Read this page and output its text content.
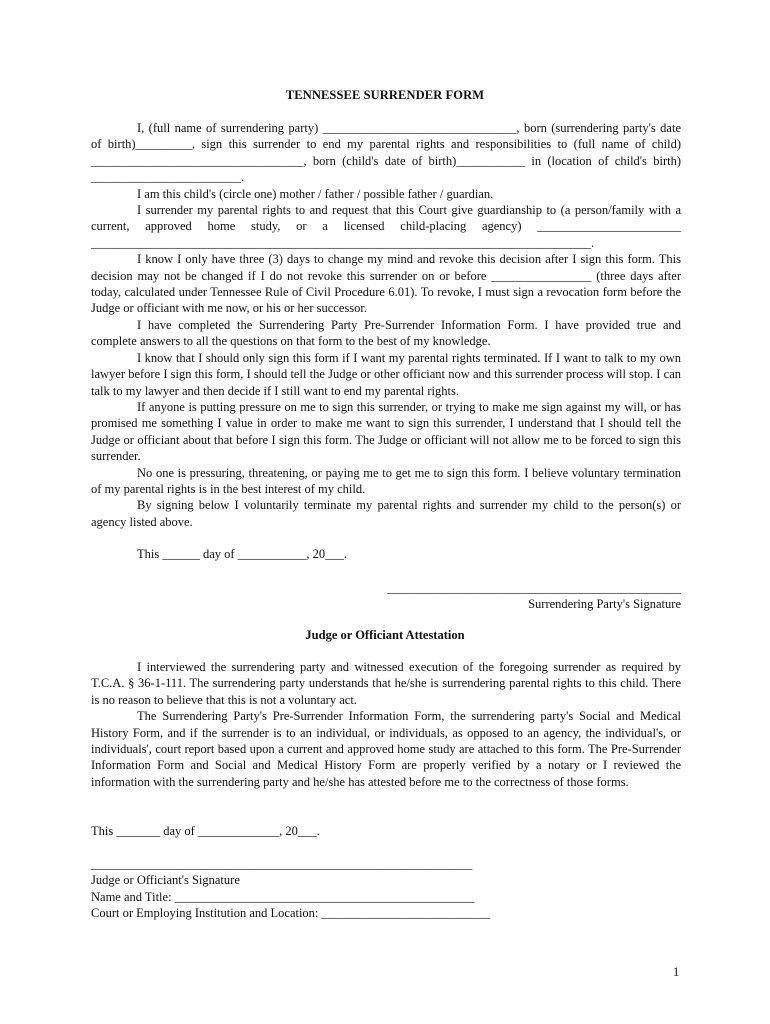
TENNESSEE SURRENDER FORM

I, (full name of surrendering party) _______________________________, born (surrendering party's date of birth)_________, sign this surrender to end my parental rights and responsibilities to (full name of child) __________________________________, born (child's date of birth)___________ in (location of child's birth) ________________________.

I am this child's (circle one) mother / father / possible father / guardian.

I surrender my parental rights to and request that this Court give guardianship to (a person/family with a current, approved home study, or a licensed child-placing agency) _______________________ ________________________________________________________________________________.

I know I only have three (3) days to change my mind and revoke this decision after I sign this form. This decision may not be changed if I do not revoke this surrender on or before ________________ (three days after today, calculated under Tennessee Rule of Civil Procedure 6.01). To revoke, I must sign a revocation form before the Judge or officiant with me now, or his or her successor.

I have completed the Surrendering Party Pre-Surrender Information Form. I have provided true and complete answers to all the questions on that form to the best of my knowledge.

I know that I should only sign this form if I want my parental rights terminated. If I want to talk to my own lawyer before I sign this form, I should tell the Judge or other officiant now and this surrender process will stop. I can talk to my lawyer and then decide if I still want to end my parental rights.

If anyone is putting pressure on me to sign this surrender, or trying to make me sign against my will, or has promised me something I value in order to make me want to sign this surrender, I understand that I should tell the Judge or officiant about that before I sign this form. The Judge or officiant will not allow me to be forced to sign this surrender.

No one is pressuring, threatening, or paying me to get me to sign this form. I believe voluntary termination of my parental rights is in the best interest of my child.

By signing below I voluntarily terminate my parental rights and surrender my child to the person(s) or agency listed above.

This ______ day of ___________, 20___.

_______________________________________________
Surrendering Party's Signature
Judge or Officiant Attestation

I interviewed the surrendering party and witnessed execution of the foregoing surrender as required by T.C.A. § 36-1-111. The surrendering party understands that he/she is surrendering parental rights to this child. There is no reason to believe that this is not a voluntary act.

The Surrendering Party's Pre-Surrender Information Form, the surrendering party's Social and Medical History Form, and if the surrender is to an individual, or individuals, as opposed to an agency, the individual's, or individuals', court report based upon a current and approved home study are attached to this form. The Pre-Surrender Information Form and Social and Medical History Form are properly verified by a notary or I reviewed the information with the surrendering party and he/she has attested before me to the correctness of those forms.

This _______ day of _____________, 20___.

_____________________________________________________________
Judge or Officiant's Signature
Name and Title: ________________________________________________
Court or Employing Institution and Location: ___________________________
1
